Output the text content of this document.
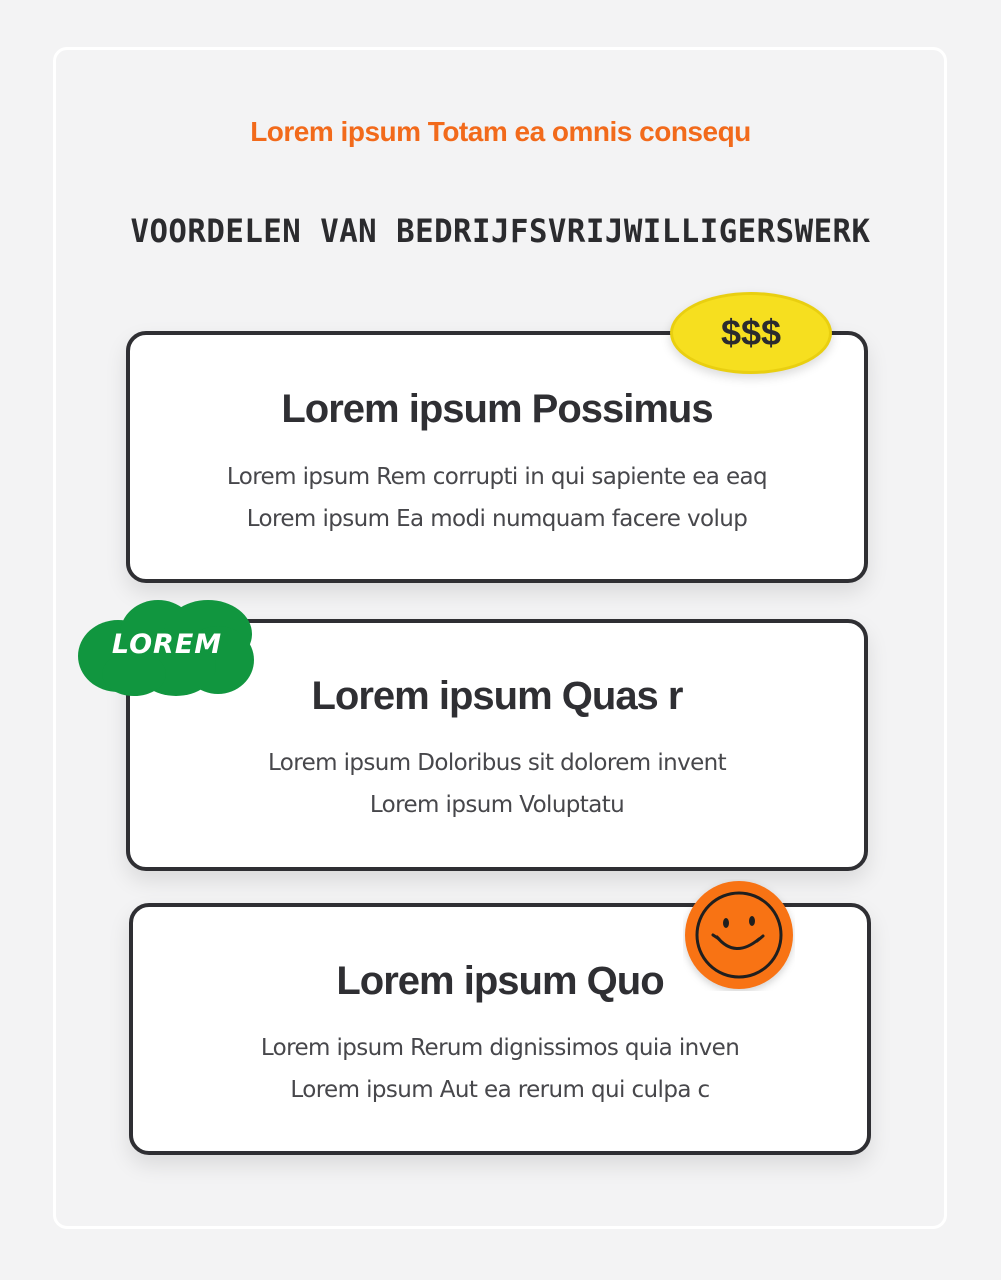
Lorem ipsum Totam ea omnis consequ
VOORDELEN VAN BEDRIJFSVRIJWILLIGERSWERK
Lorem ipsum Possimus

Lorem ipsum Rem corrupti in qui sapiente ea eaq

Lorem ipsum Ea modi numquam facere volup

Lorem ipsum Quas r

Lorem ipsum Doloribus sit dolorem invent

Lorem ipsum Voluptatu

Lorem ipsum Quo

Lorem ipsum Rerum dignissimos quia inven

Lorem ipsum Aut ea rerum qui culpa c

$$$
LOREM
